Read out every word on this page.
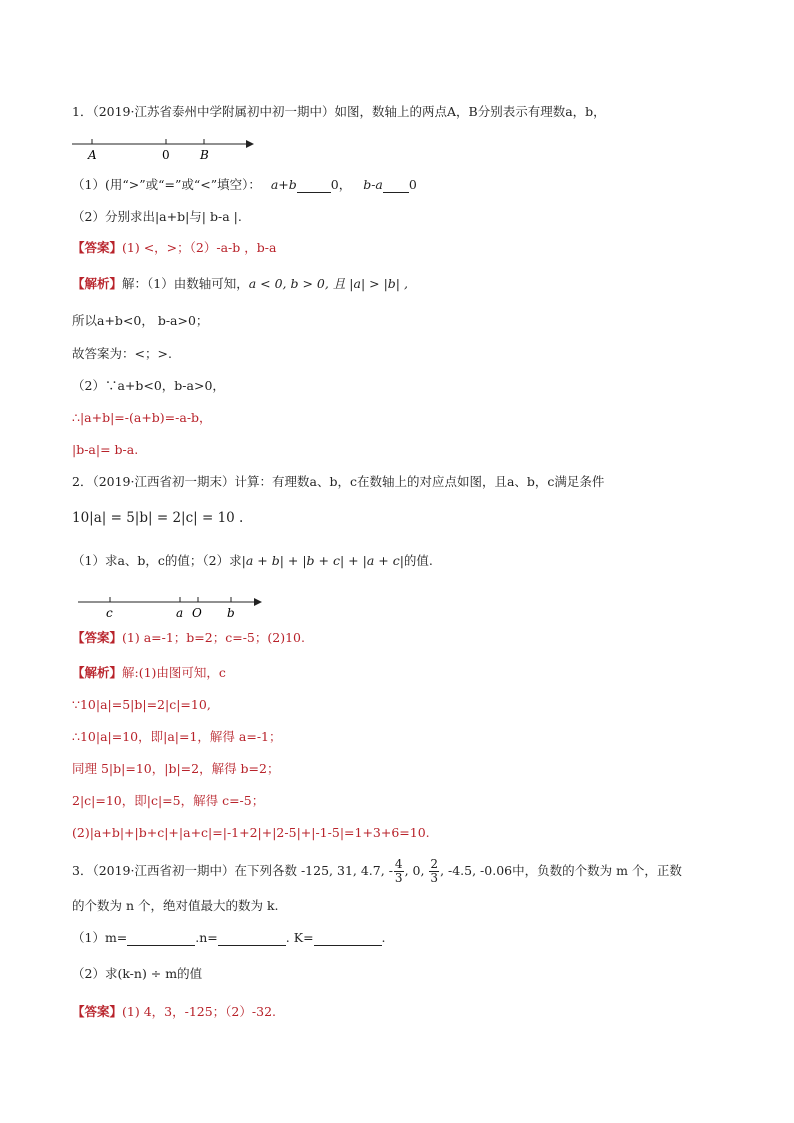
1．（2019·江苏省泰州中学附属初中初一期中）如图，数轴上的两点A，B分别表示有理数a，b，
A	0	B
（1）(用“>”或“=”或“<”填空）： a+b	0， b-a 0
（2）分别求出|a+b|与| b-a |.
【答案】(1) <，>；（2）-a-b ，b-a
【解析】解：（1）由数轴可知，a < 0, b > 0, 且 |a| > |b| ,
所以a+b<0， b-a>0；
故答案为：<；>.
（2）∵a+b<0，b-a>0，
∴|a+b|=-(a+b)=-a-b，
|b-a|= b-a.
2．（2019·江西省初一期末）计算：有理数a、b，c在数轴上的对应点如图，且a、b，c满足条件
10|a| = 5|b| = 2|c| = 10 .
（1）求a、b，c的值；（2）求|a + b| + |b + c| + |a + c|的值.
c	a O b
【答案】(1) a=-1；b=2；c=-5；(2)10.
【解析】解:(1)由图可知，c
∵10|a|=5|b|=2|c|=10,
∴10|a|=10，即|a|=1，解得 a=-1；
同理 5|b|=10，|b|=2，解得 b=2；
2|c|=10，即|c|=5，解得 c=-5；
(2)|a+b|+|b+c|+|a+c|=|-1+2|+|2-5|+|-1-5|=1+3+6=10.
3．（2019·江西省初一期中）在下列各数 -125, 31, 4.7, - $\frac{4}{3}$ , 0, $\frac{2}{3}$ , -4.5, -0.06中，负数的个数为 m 个，正数
的个数为 n 个，绝对值最大的数为 k.
（1）m=	.n=	. K=	.
（2）求(k-n) ÷ m的值
【答案】(1) 4，3，-125；（2）-32.
